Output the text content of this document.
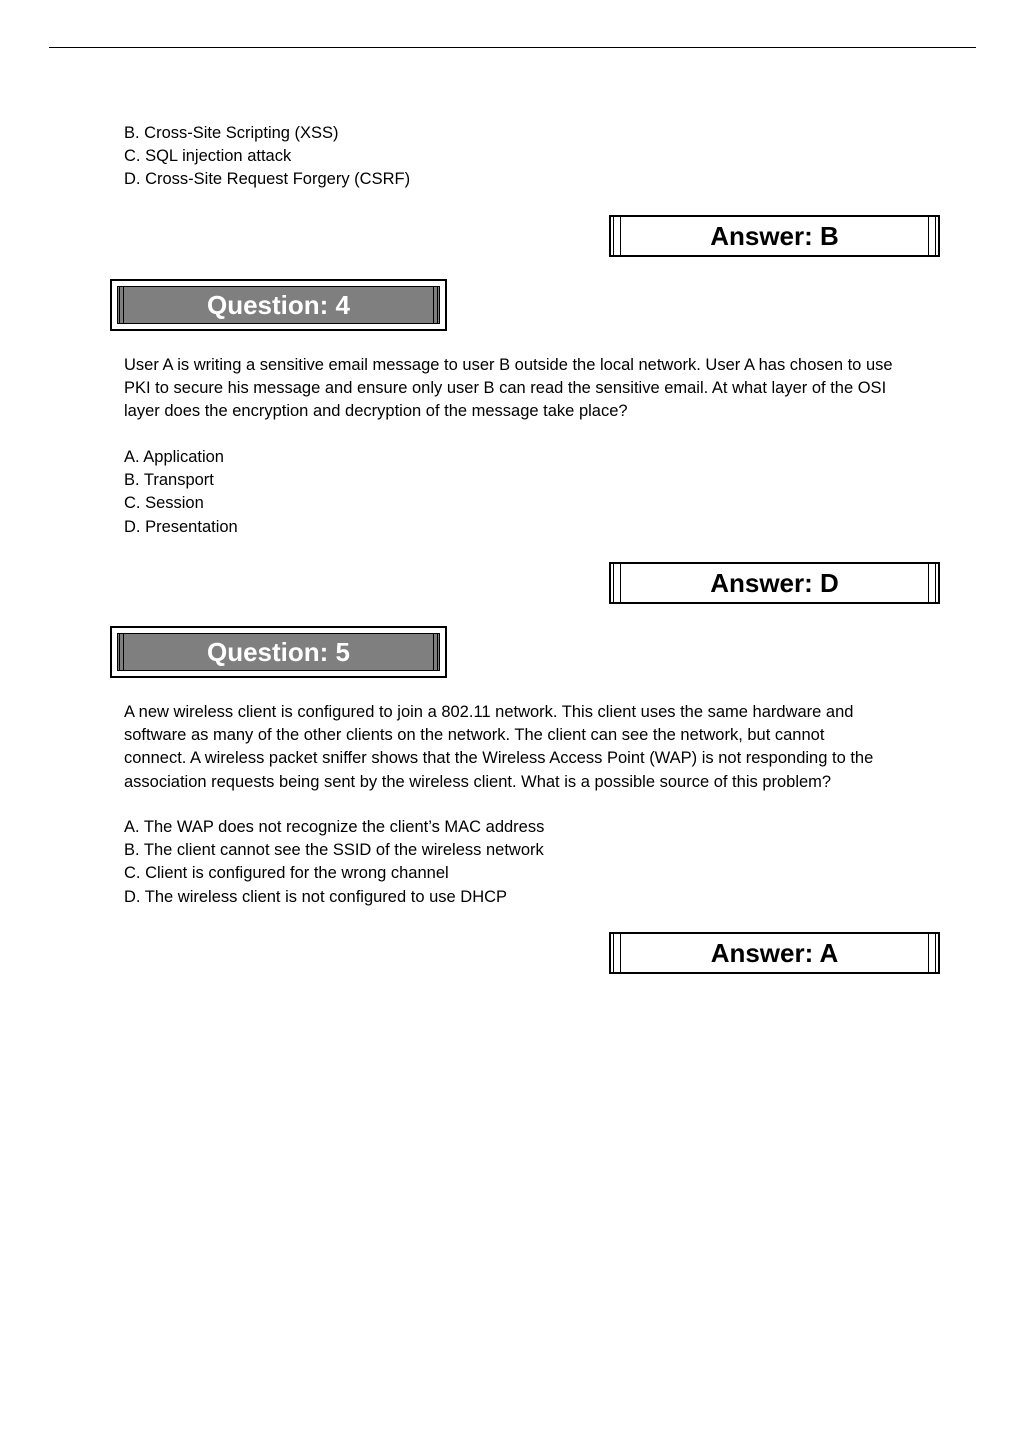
B. Cross-Site Scripting (XSS)
C. SQL injection attack
D. Cross-Site Request Forgery (CSRF)
Answer: B
Question: 4
User A is writing a sensitive email message to user B outside the local network. User A has chosen to use
PKI to secure his message and ensure only user B can read the sensitive email. At what layer of the OSI
layer does the encryption and decryption of the message take place?
A. Application
B. Transport
C. Session
D. Presentation
Answer: D
Question: 5
A new wireless client is configured to join a 802.11 network. This client uses the same hardware and
software as many of the other clients on the network. The client can see the network, but cannot
connect. A wireless packet sniffer shows that the Wireless Access Point (WAP) is not responding to the
association requests being sent by the wireless client. What is a possible source of this problem?
A. The WAP does not recognize the client’s MAC address
B. The client cannot see the SSID of the wireless network
C. Client is configured for the wrong channel
D. The wireless client is not configured to use DHCP
Answer: A
